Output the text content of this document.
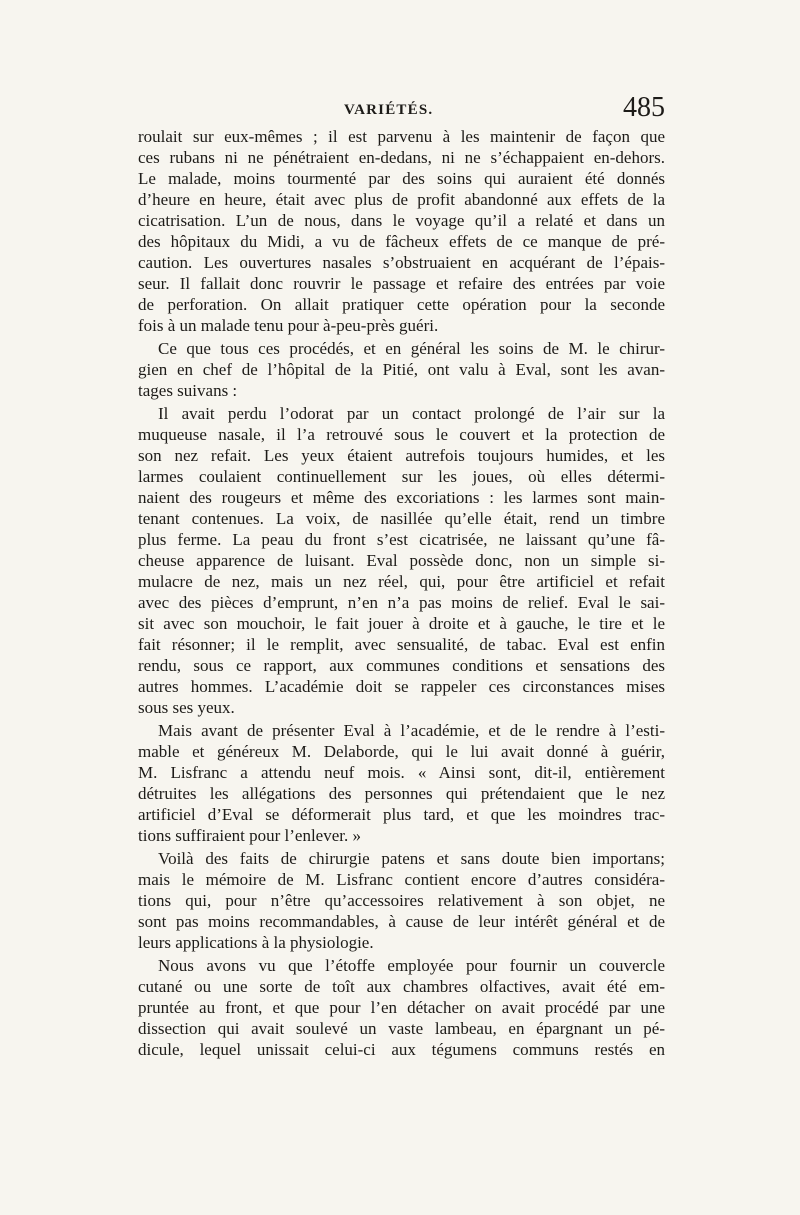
VARIÉTÉS.	485
roulait sur eux-mêmes ; il est parvenu à les maintenir de façon que
ces rubans ni ne pénétraient en-dedans, ni ne s’échappaient en-dehors.
Le malade, moins tourmenté par des soins qui auraient été donnés
d’heure en heure, était avec plus de profit abandonné aux effets de la
cicatrisation. L’un de nous, dans le voyage qu’il a relaté et dans un
des hôpitaux du Midi, a vu de fâcheux effets de ce manque de pré-
caution. Les ouvertures nasales s’obstruaient en acquérant de l’épais-
seur. Il fallait donc rouvrir le passage et refaire des entrées par voie
de perforation. On allait pratiquer cette opération pour la seconde
fois à un malade tenu pour à-peu-près guéri.
Ce que tous ces procédés, et en général les soins de M. le chirur-
gien en chef de l’hôpital de la Pitié, ont valu à Eval, sont les avan-
tages suivans :
Il avait perdu l’odorat par un contact prolongé de l’air sur la
muqueuse nasale, il l’a retrouvé sous le couvert et la protection de
son nez refait. Les yeux étaient autrefois toujours humides, et les
larmes coulaient continuellement sur les joues, où elles détermi-
naient des rougeurs et même des excoriations : les larmes sont main-
tenant contenues. La voix, de nasillée qu’elle était, rend un timbre
plus ferme. La peau du front s’est cicatrisée, ne laissant qu’une fâ-
cheuse apparence de luisant. Eval possède donc, non un simple si-
mulacre de nez, mais un nez réel, qui, pour être artificiel et refait
avec des pièces d’emprunt, n’en n’a pas moins de relief. Eval le sai-
sit avec son mouchoir, le fait jouer à droite et à gauche, le tire et le
fait résonner; il le remplit, avec sensualité, de tabac. Eval est enfin
rendu, sous ce rapport, aux communes conditions et sensations des
autres hommes. L’académie doit se rappeler ces circonstances mises
sous ses yeux.
Mais avant de présenter Eval à l’académie, et de le rendre à l’esti-
mable et généreux M. Delaborde, qui le lui avait donné à guérir,
M. Lisfranc a attendu neuf mois. « Ainsi sont, dit-il, entièrement
détruites les allégations des personnes qui prétendaient que le nez
artificiel d’Eval se déformerait plus tard, et que les moindres trac-
tions suffiraient pour l’enlever. »
Voilà des faits de chirurgie patens et sans doute bien importans;
mais le mémoire de M. Lisfranc contient encore d’autres considéra-
tions qui, pour n’être qu’accessoires relativement à son objet, ne
sont pas moins recommandables, à cause de leur intérêt général et de
leurs applications à la physiologie.
Nous avons vu que l’étoffe employée pour fournir un couvercle
cutané ou une sorte de toît aux chambres olfactives, avait été em-
pruntée au front, et que pour l’en détacher on avait procédé par une
dissection qui avait soulevé un vaste lambeau, en épargnant un pé-
dicule, lequel unissait celui-ci aux tégumens communs restés en
